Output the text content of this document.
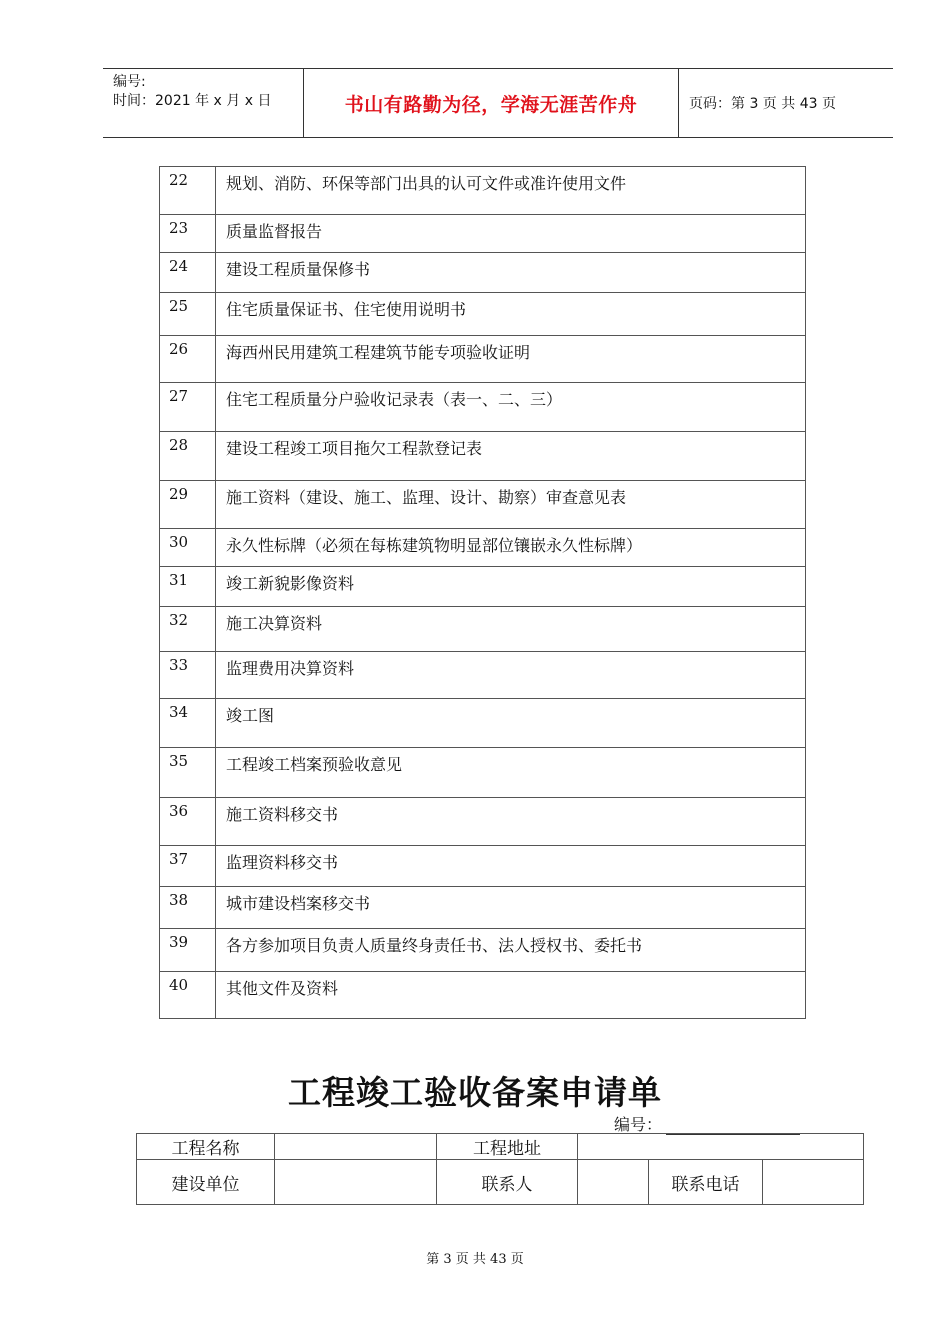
编号:
时间：2021 年 x 月 x 日	书山有路勤为径，学海无涯苦作舟	页码：第 3 页 共 43 页
22	规划、消防、环保等部门出具的认可文件或准许使用文件
23	质量监督报告
24	建设工程质量保修书
25	住宅质量保证书、住宅使用说明书
26	海西州民用建筑工程建筑节能专项验收证明
27	住宅工程质量分户验收记录表（表一、二、三）
28	建设工程竣工项目拖欠工程款登记表
29	施工资料（建设、施工、监理、设计、勘察）审查意见表
30	永久性标牌（必须在每栋建筑物明显部位镶嵌永久性标牌）
31	竣工新貌影像资料
32	施工决算资料
33	监理费用决算资料
34	竣工图
35	工程竣工档案预验收意见
36	施工资料移交书
37	监理资料移交书
38	城市建设档案移交书
39	各方参加项目负责人质量终身责任书、法人授权书、委托书
40	其他文件及资料
工程竣工验收备案申请单
编号：
工程名称		工程地址			
建设单位		联系人		联系电话	
第 3 页 共 43 页
